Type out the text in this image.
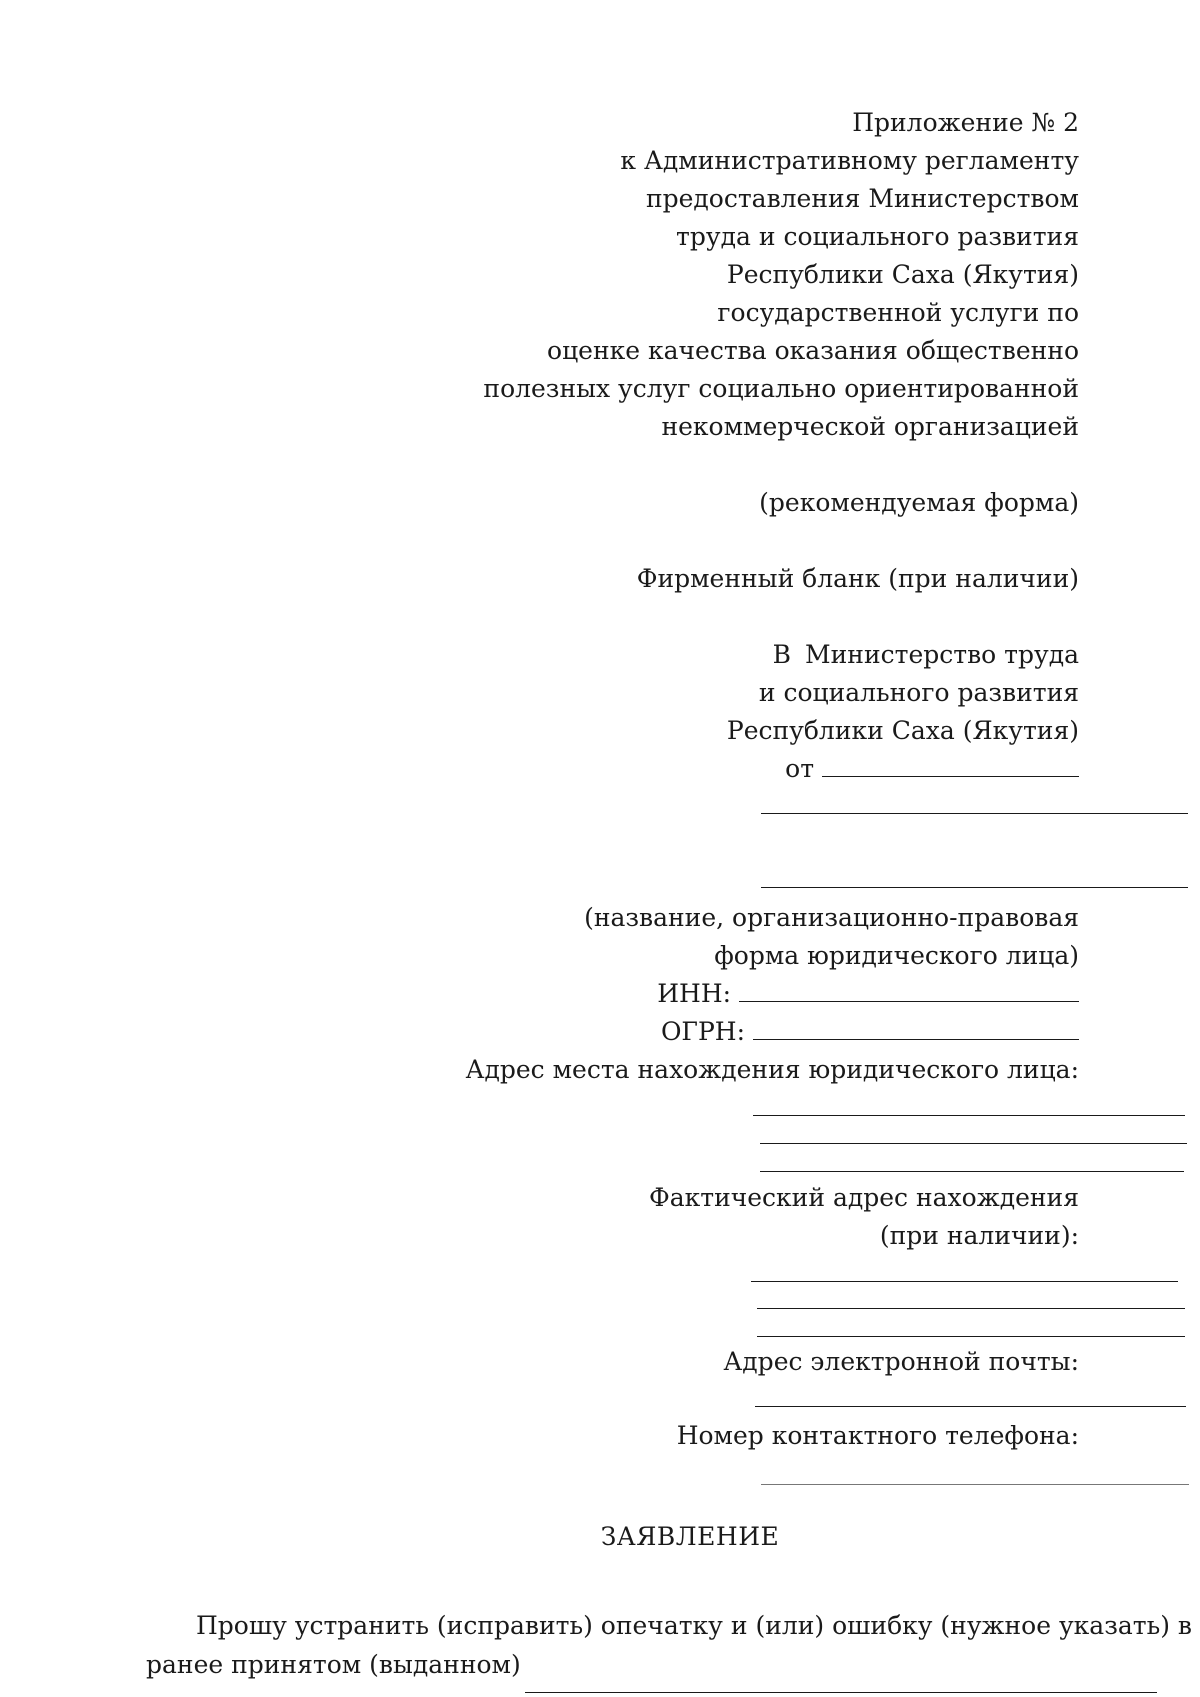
Приложение № 2
к Административному регламенту
предоставления Министерством
труда и социального развития
Республики Саха (Якутия)
государственной услуги по
оценке качества оказания общественно
полезных услуг социально ориентированной
некоммерческой организацией
(рекомендуемая форма)
Фирменный бланк (при наличии)
В Министерство труда
и социального развития
Республики Саха (Якутия)
от
(название, организационно-правовая
форма юридического лица)
ИНН:
ОГРН:
Адрес места нахождения юридического лица:
Фактический адрес нахождения
(при наличии):
Адрес электронной почты:
Номер контактного телефона:
ЗАЯВЛЕНИЕ
Прошу устранить (исправить) опечатку и (или) ошибку (нужное указать) в
ранее принятом (выданном)
